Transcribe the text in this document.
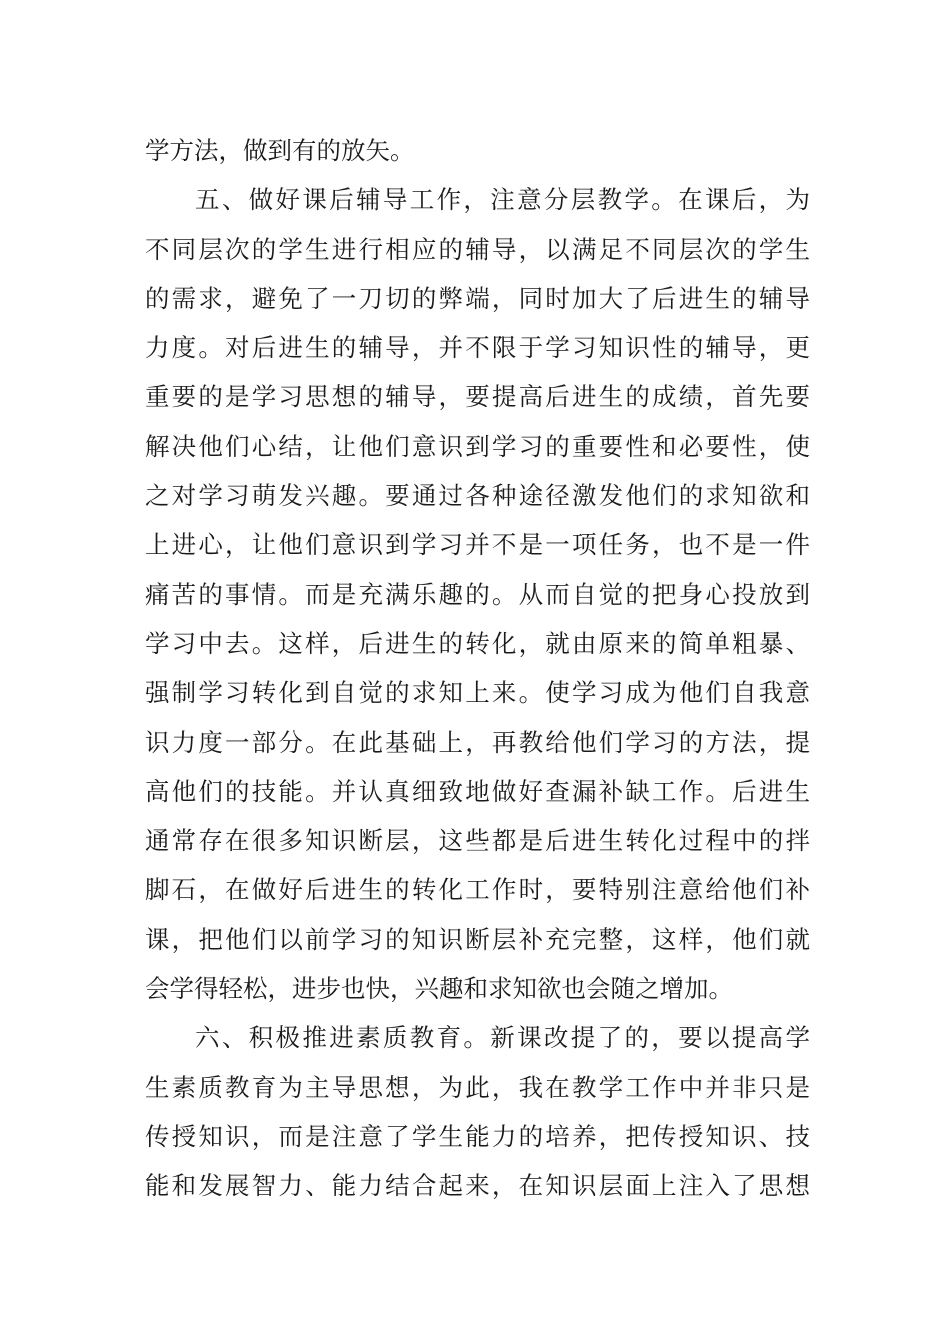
学方法，做到有的放矢。
五、做好课后辅导工作，注意分层教学。在课后，为
不同层次的学生进行相应的辅导，以满足不同层次的学生
的需求，避免了一刀切的弊端，同时加大了后进生的辅导
力度。对后进生的辅导，并不限于学习知识性的辅导，更
重要的是学习思想的辅导，要提高后进生的成绩，首先要
解决他们心结，让他们意识到学习的重要性和必要性，使
之对学习萌发兴趣。要通过各种途径激发他们的求知欲和
上进心，让他们意识到学习并不是一项任务，也不是一件
痛苦的事情。而是充满乐趣的。从而自觉的把身心投放到
学习中去。这样，后进生的转化，就由原来的简单粗暴、
强制学习转化到自觉的求知上来。使学习成为他们自我意
识力度一部分。在此基础上，再教给他们学习的方法，提
高他们的技能。并认真细致地做好查漏补缺工作。后进生
通常存在很多知识断层，这些都是后进生转化过程中的拌
脚石，在做好后进生的转化工作时，要特别注意给他们补
课，把他们以前学习的知识断层补充完整，这样，他们就
会学得轻松，进步也快，兴趣和求知欲也会随之增加。
六、积极推进素质教育。新课改提了的，要以提高学
生素质教育为主导思想，为此，我在教学工作中并非只是
传授知识，而是注意了学生能力的培养，把传授知识、技
能和发展智力、能力结合起来，在知识层面上注入了思想
